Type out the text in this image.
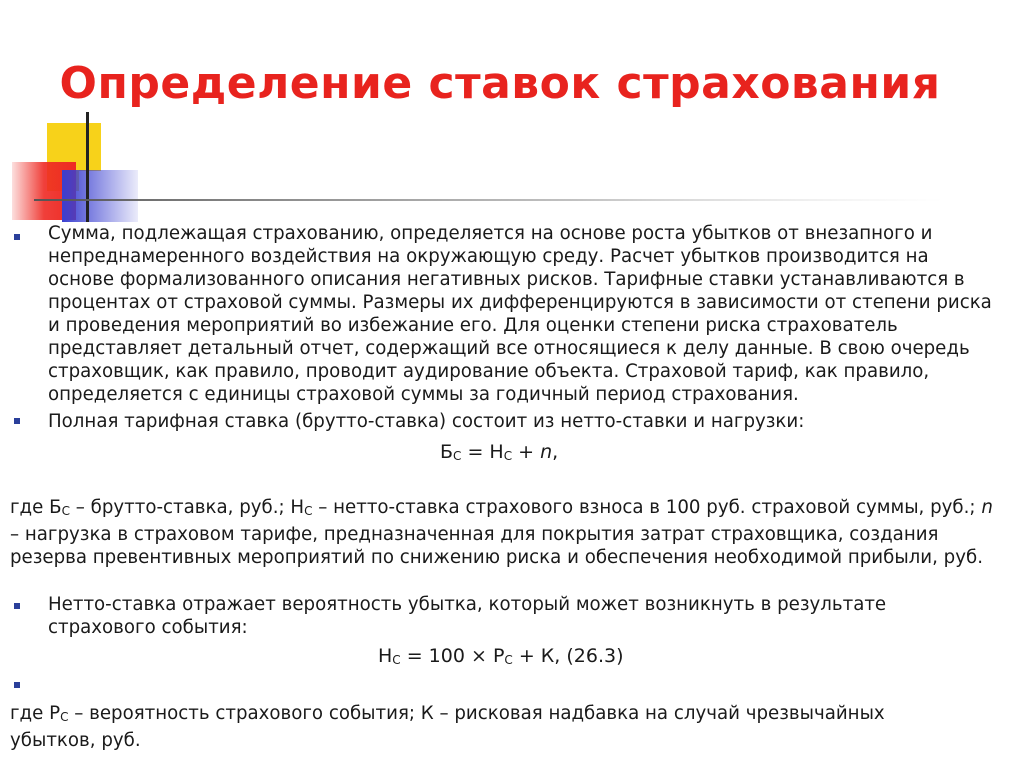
Определение ставок страхования
Сумма, подлежащая страхованию, определяется на основе роста убытков от внезапного и непреднамеренного воздействия на окружающую среду. Расчет убытков производится на основе формализованного описания негативных рисков. Тарифные ставки устанавливаются в процентах от страховой суммы. Размеры их дифференцируются в зависимости от степени риска и проведения мероприятий во избежание его. Для оценки степени риска страхователь представляет детальный отчет, содержащий все относящиеся к делу данные. В свою очередь страховщик, как правило, проводит аудирование объекта. Страховой тариф, как правило, определяется с единицы страховой суммы за годичный период страхования.
Полная тарифная ставка (брутто-ставка) состоит из нетто-ставки и нагрузки:
$Б_С = Н_С + n$,
где $Б_С$ – брутто-ставка, руб.; $Н_С$ – нетто-ставка страхового взноса в 100 руб. страховой суммы, руб.; n – нагрузка в страховом тарифе, предназначенная для покрытия затрат страховщика, создания резерва превентивных мероприятий по снижению риска и обеспечения необходимой прибыли, руб.
Нетто-ставка отражает вероятность убытка, который может возникнуть в результате страхового события:
$Н_С = 100 \times Р_С + К$, (26.3)
где $Р_С$ – вероятность страхового события; К – рисковая надбавка на случай чрезвычайных убытков, руб.
